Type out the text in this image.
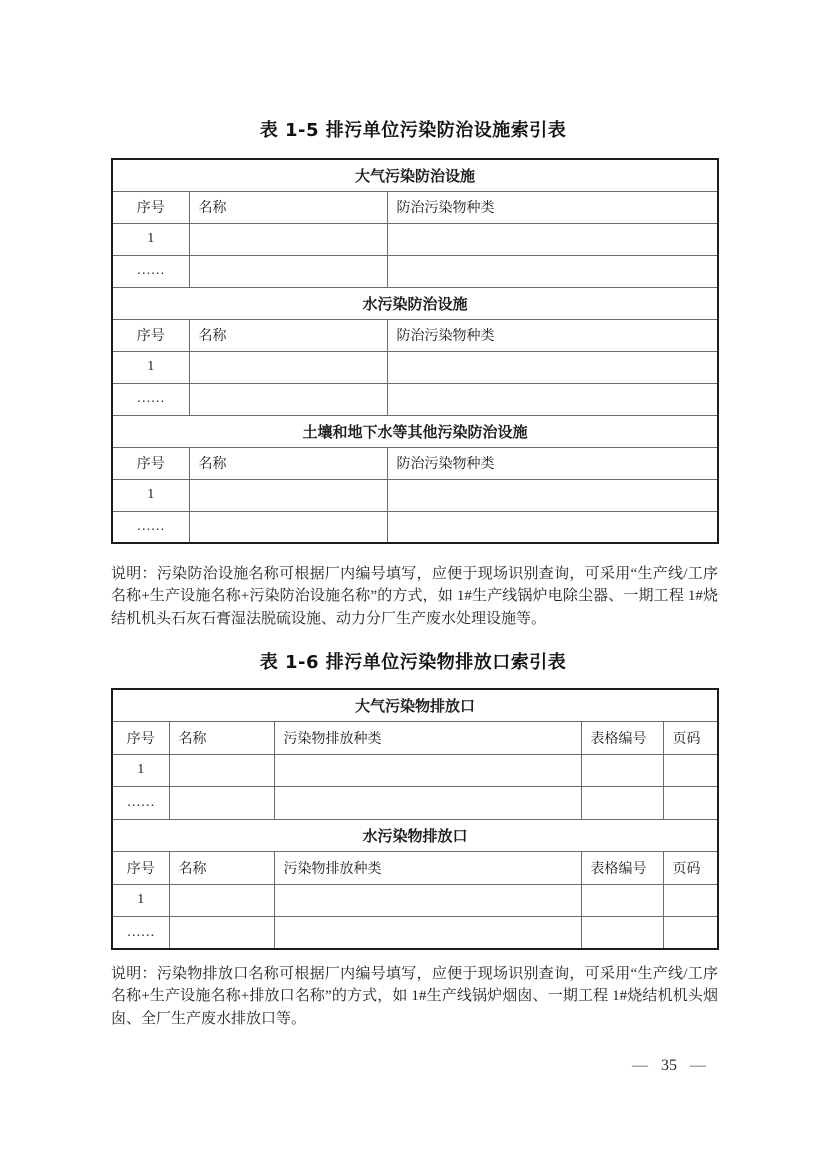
表 1-5 排污单位污染防治设施索引表
大气污染防治设施		
序号	名称	防治污染物种类
1		
……		
水污染防治设施		
序号	名称	防治污染物种类
1		
……		
土壤和地下水等其他污染防治设施		
序号	名称	防治污染物种类
1		
……		
说明：污染防治设施名称可根据厂内编号填写，应便于现场识别查询，可采用“生产线/工序名称+生产设施名称+污染防治设施名称”的方式，如 1#生产线锅炉电除尘器、一期工程 1#烧结机机头石灰石膏湿法脱硫设施、动力分厂生产废水处理设施等。
表 1-6 排污单位污染物排放口索引表
大气污染物排放口				
序号	名称	污染物排放种类	表格编号	页码
1				
……				
水污染物排放口				
序号	名称	污染物排放种类	表格编号	页码
1				
……				
说明：污染物排放口名称可根据厂内编号填写，应便于现场识别查询，可采用“生产线/工序名称+生产设施名称+排放口名称”的方式，如 1#生产线锅炉烟囱、一期工程 1#烧结机机头烟囱、全厂生产废水排放口等。
— 35 —
